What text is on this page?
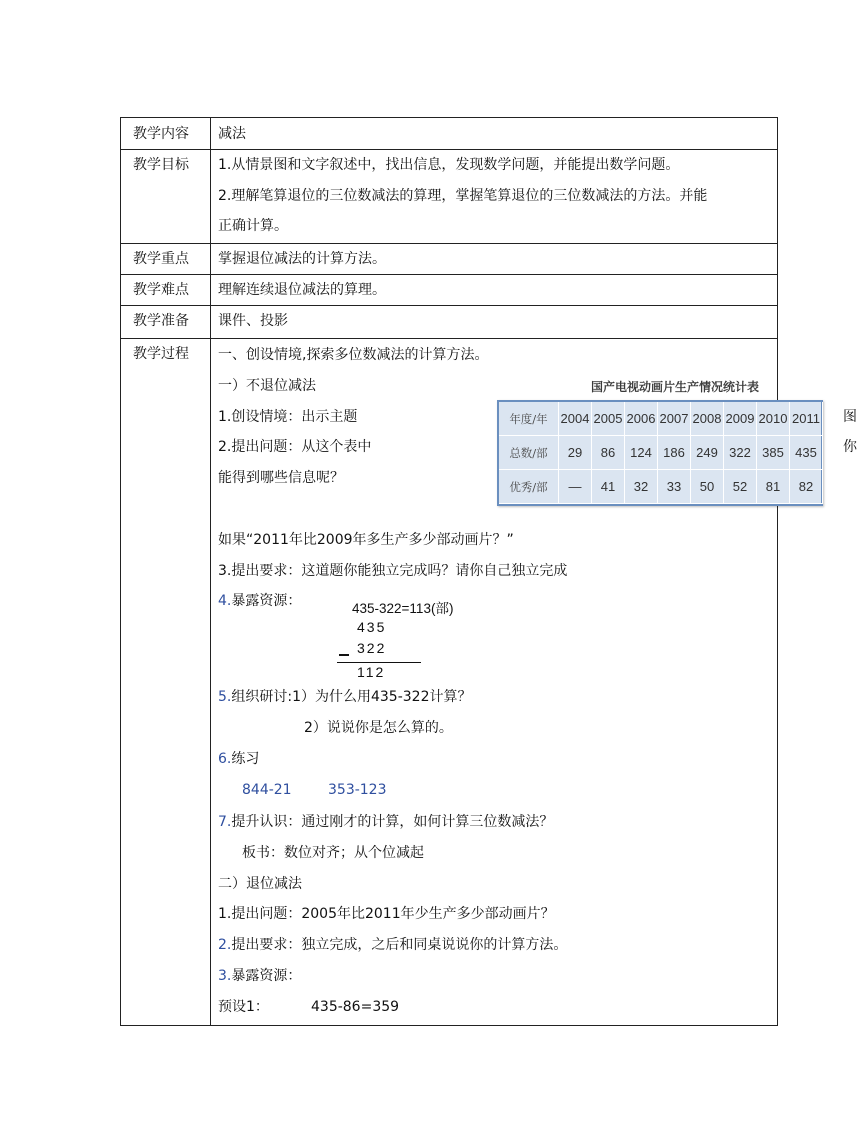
教学内容 减法
教学目标 1.从情景图和文字叙述中，找出信息，发现数学问题，并能提出数学问题。
2.理解笔算退位的三位数减法的算理，掌握笔算退位的三位数减法的方法。并能
正确计算。
教学重点 掌握退位减法的计算方法。
教学难点 理解连续退位减法的算理。
教学准备 课件、投影
教学过程 一、创设情境,探索多位数减法的计算方法。
一）不退位减法
1.创设情境：出示主题	图
2.提出问题：从这个表中	你
能得到哪些信息呢？
国产电视动画片生产情况统计表
年度/年 2004 2005 2006 2007 2008 2009 2010 2011
总数/部	29	86	124 186 249 322 385 435
优秀/部	—	41	32	33	50	52	81	82
如果“2011年比2009年多生产多少部动画片？”
3.提出要求：这道题你能独立完成吗？请你自己独立完成
4.暴露资源：	435-322=113(部)
435
322
112
5.组织研讨:1）为什么用435-322计算？
2）说说你是怎么算的。
6.练习
844-21	353-123
7.提升认识：通过刚才的计算，如何计算三位数减法？
板书：数位对齐；从个位减起
二）退位减法
1.提出问题：2005年比2011年少生产多少部动画片？
2.提出要求：独立完成，之后和同桌说说你的计算方法。
3.暴露资源：
预设1：	435-86=359
